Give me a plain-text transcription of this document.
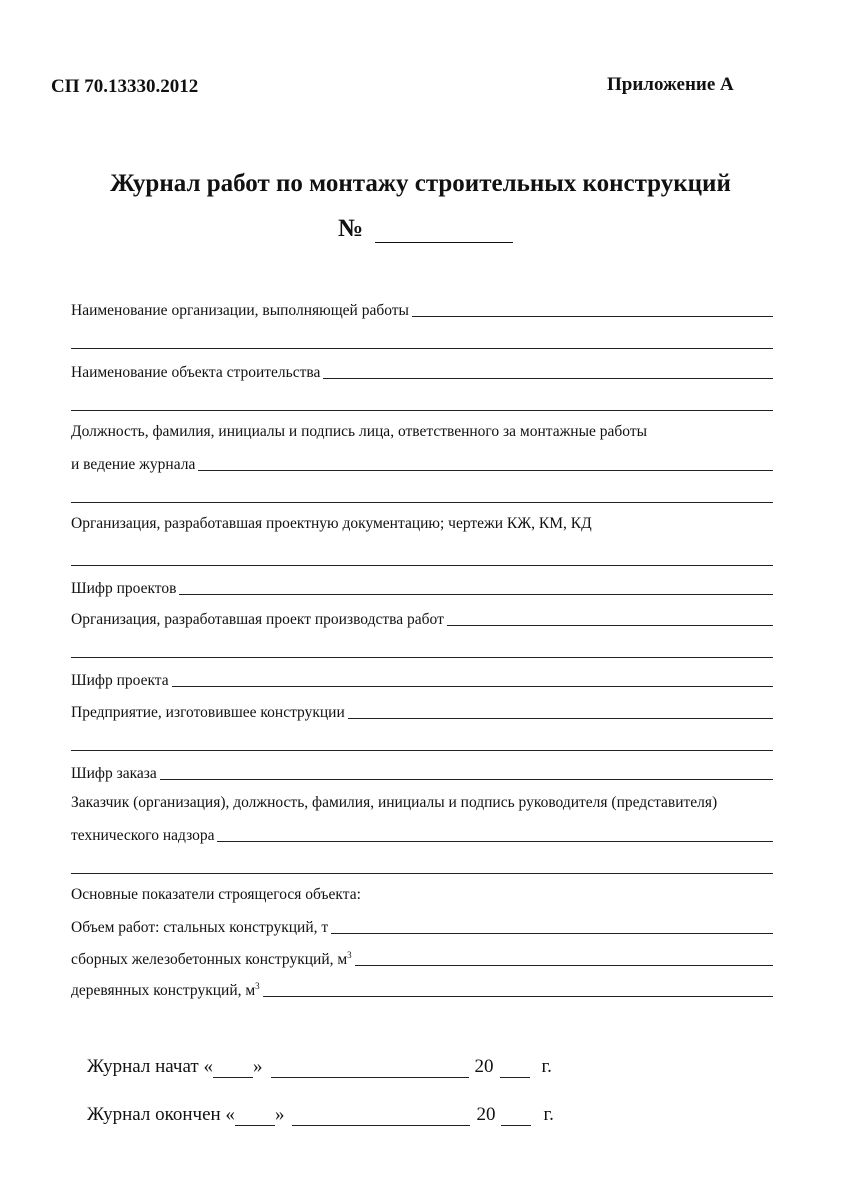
СП 70.13330.2012	Приложение А
Журнал работ по монтажу строительных конструкций
№
Наименование организации, выполняющей работы
Наименование объекта строительства
Должность, фамилия, инициалы и подпись лица, ответственного за монтажные работы
и ведение журнала
Организация, разработавшая проектную документацию; чертежи КЖ, КМ, КД
Шифр проектов
Организация, разработавшая проект производства работ
Шифр проекта
Предприятие, изготовившее конструкции
Шифр заказа
Заказчик (организация), должность, фамилия, инициалы и подпись руководителя (представителя)
технического надзора
Основные показатели строящегося объекта:
Объем работ: стальных конструкций, т
сборных железобетонных конструкций, $м^3$
деревянных конструкций, $м^3$
Журнал начат « »	20	г.
Журнал окончен « »	20	г.
